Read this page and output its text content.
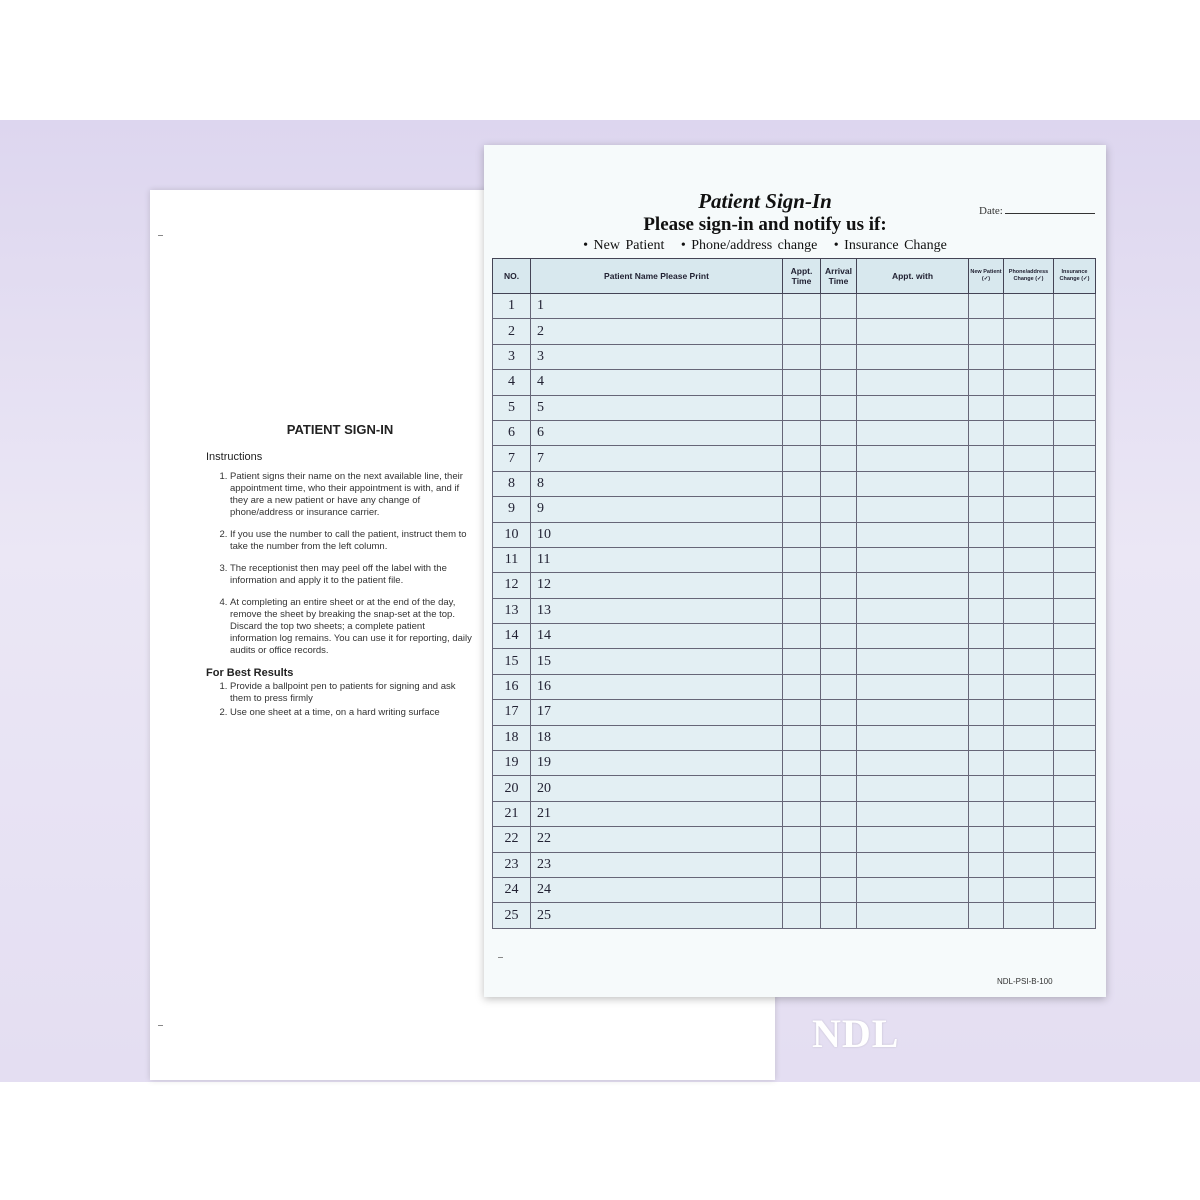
PATIENT SIGN-IN
Instructions
1. Patient signs their name on the next available line, their appointment time, who their appointment is with, and if they are a new patient or have any change of phone/address or insurance carrier.
2. If you use the number to call the patient, instruct them to take the number from the left column.
3. The receptionist then may peel off the label with the information and apply it to the patient file.
4. At completing an entire sheet or at the end of the day, remove the sheet by breaking the snap-set at the top. Discard the top two sheets; a complete patient information log remains. You can use it for reporting, daily audits or office records.
For Best Results
1. Provide a ballpoint pen to patients for signing and ask them to press firmly
2. Use one sheet at a time, on a hard writing surface
Patient Sign-In
Please sign-in and notify us if:
• New Patient   • Phone/address change   • Insurance Change
Date:
NO.	Patient Name Please Print	Appt. Time	Arrival Time	Appt. with	New Patient (✓)	Phone/address Change (✓)	Insurance Change (✓)
1	1						
2	2						
3	3						
4	4						
5	5						
6	6						
7	7						
8	8						
9	9						
10	10						
11	11						
12	12						
13	13						
14	14						
15	15						
16	16						
17	17						
18	18						
19	19						
20	20						
21	21						
22	22						
23	23						
24	24						
25	25						
NDL-PSI-B-100
NDL
